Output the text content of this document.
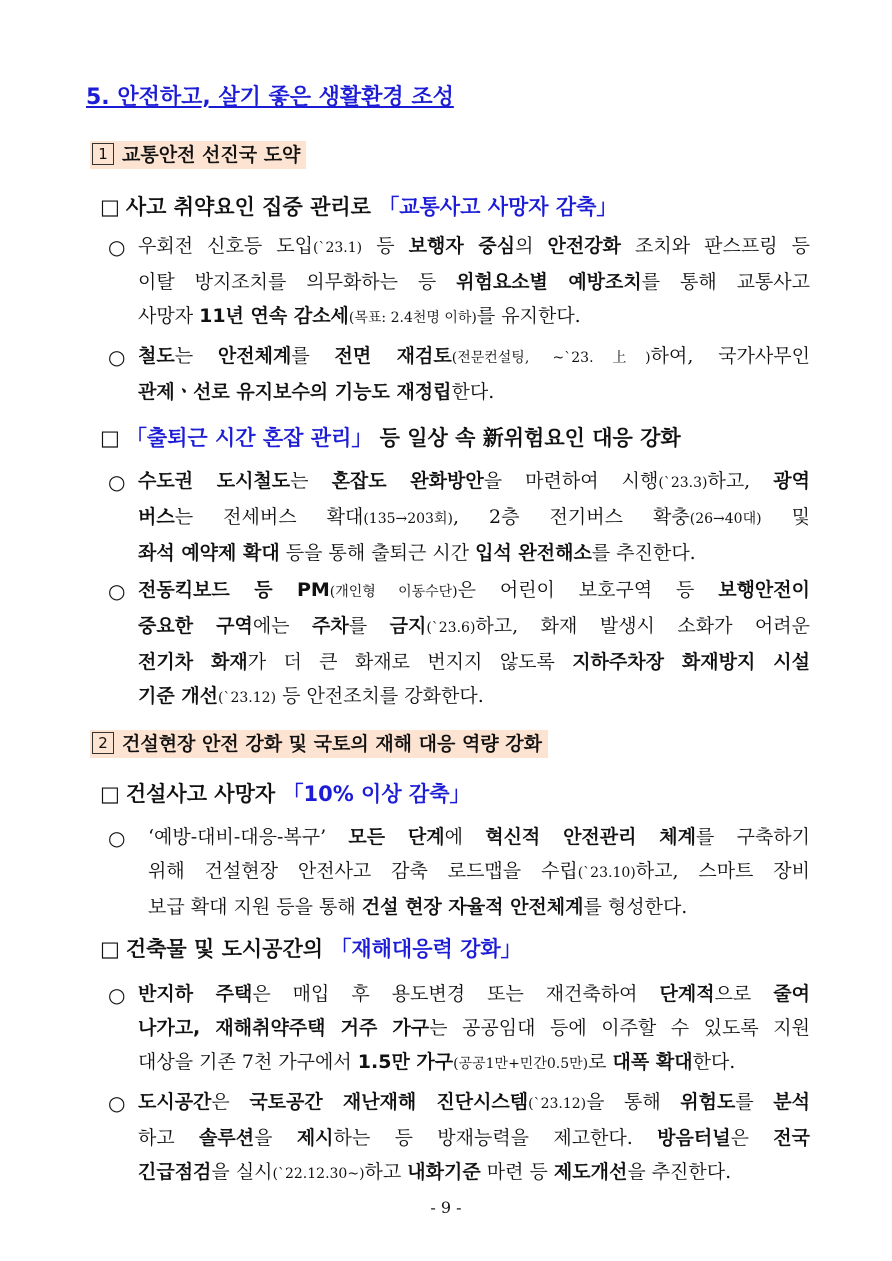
5. 안전하고, 살기 좋은 생활환경 조성
1 교통안전 선진국 도약
□ 사고 취약요인 집중 관리로 「교통사고 사망자 감축」
○ 우회전 신호등 도입(`23.1) 등 보행자 중심의 안전강화 조치와 판스프링 등
이탈 방지조치를 의무화하는 등 위험요소별 예방조치를 통해 교통사고
사망자 11년 연속 감소세(목표: 2.4천명 이하)를 유지한다.
○ 철도는 안전체계를 전면 재검토(전문컨설팅, ~`23.上)하여, 국가사무인
관제ㆍ선로 유지보수의 기능도 재정립한다.
□ 「출퇴근 시간 혼잡 관리」 등 일상 속 新위험요인 대응 강화
○ 수도권 도시철도는 혼잡도 완화방안을 마련하여 시행(`23.3)하고, 광역
버스는 전세버스 확대(135→203회), 2층 전기버스 확충(26→40대) 및
좌석 예약제 확대 등을 통해 출퇴근 시간 입석 완전해소를 추진한다.
○ 전동킥보드 등 PM(개인형 이동수단)은 어린이 보호구역 등 보행안전이
중요한 구역에는 주차를 금지(`23.6)하고, 화재 발생시 소화가 어려운
전기차 화재가 더 큰 화재로 번지지 않도록 지하주차장 화재방지 시설
기준 개선(`23.12) 등 안전조치를 강화한다.
2 건설현장 안전 강화 및 국토의 재해 대응 역량 강화
□ 건설사고 사망자 「10% 이상 감축」
○ ‘예방-대비-대응-복구’ 모든 단계에 혁신적 안전관리 체계를 구축하기
위해 건설현장 안전사고 감축 로드맵을 수립(`23.10)하고, 스마트 장비
보급 확대 지원 등을 통해 건설 현장 자율적 안전체계를 형성한다.
□ 건축물 및 도시공간의 「재해대응력 강화」
○ 반지하 주택은 매입 후 용도변경 또는 재건축하여 단계적으로 줄여
나가고, 재해취약주택 거주 가구는 공공임대 등에 이주할 수 있도록 지원
대상을 기존 7천 가구에서 1.5만 가구(공공1만+민간0.5만)로 대폭 확대한다.
○ 도시공간은 국토공간 재난재해 진단시스템(`23.12)을 통해 위험도를 분석
하고 솔루션을 제시하는 등 방재능력을 제고한다. 방음터널은 전국
긴급점검을 실시(`22.12.30~)하고 내화기준 마련 등 제도개선을 추진한다.
- 9 -
